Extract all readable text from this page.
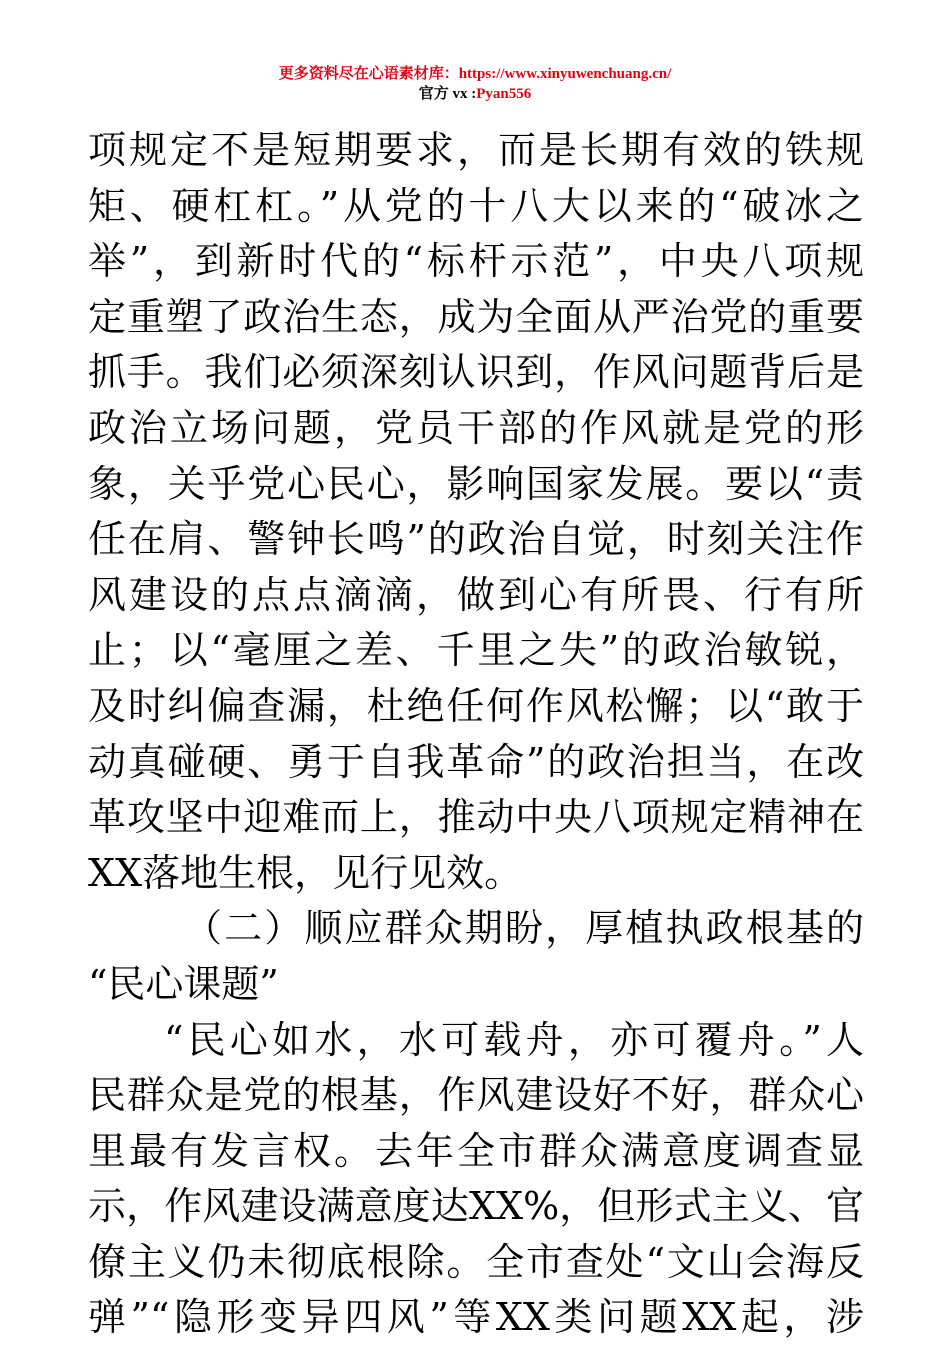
更多资料尽在心语素材库：https://www.xinyuwenchuang.cn/
官方 vx :Pyan556
项规定不是短期要求，而是长期有效的铁规
矩、硬杠杠。”从党的十八大以来的“破冰之
举”，到新时代的“标杆示范”，中央八项规
定重塑了政治生态，成为全面从严治党的重要
抓手。我们必须深刻认识到，作风问题背后是
政治立场问题，党员干部的作风就是党的形
象，关乎党心民心，影响国家发展。要以“责
任在肩、警钟长鸣”的政治自觉，时刻关注作
风建设的点点滴滴，做到心有所畏、行有所
止；以“毫厘之差、千里之失”的政治敏锐，
及时纠偏查漏，杜绝任何作风松懈；以“敢于
动真碰硬、勇于自我革命”的政治担当，在改
革攻坚中迎难而上，推动中央八项规定精神在
XX落地生根，见行见效。
（二）顺应群众期盼，厚植执政根基的
“民心课题”
“民心如水，水可载舟，亦可覆舟。”人
民群众是党的根基，作风建设好不好，群众心
里最有发言权。去年全市群众满意度调查显
示，作风建设满意度达XX%，但形式主义、官
僚主义仍未彻底根除。全市查处“文山会海反
弹”“隐形变异四风”等XX类问题XX起，涉
